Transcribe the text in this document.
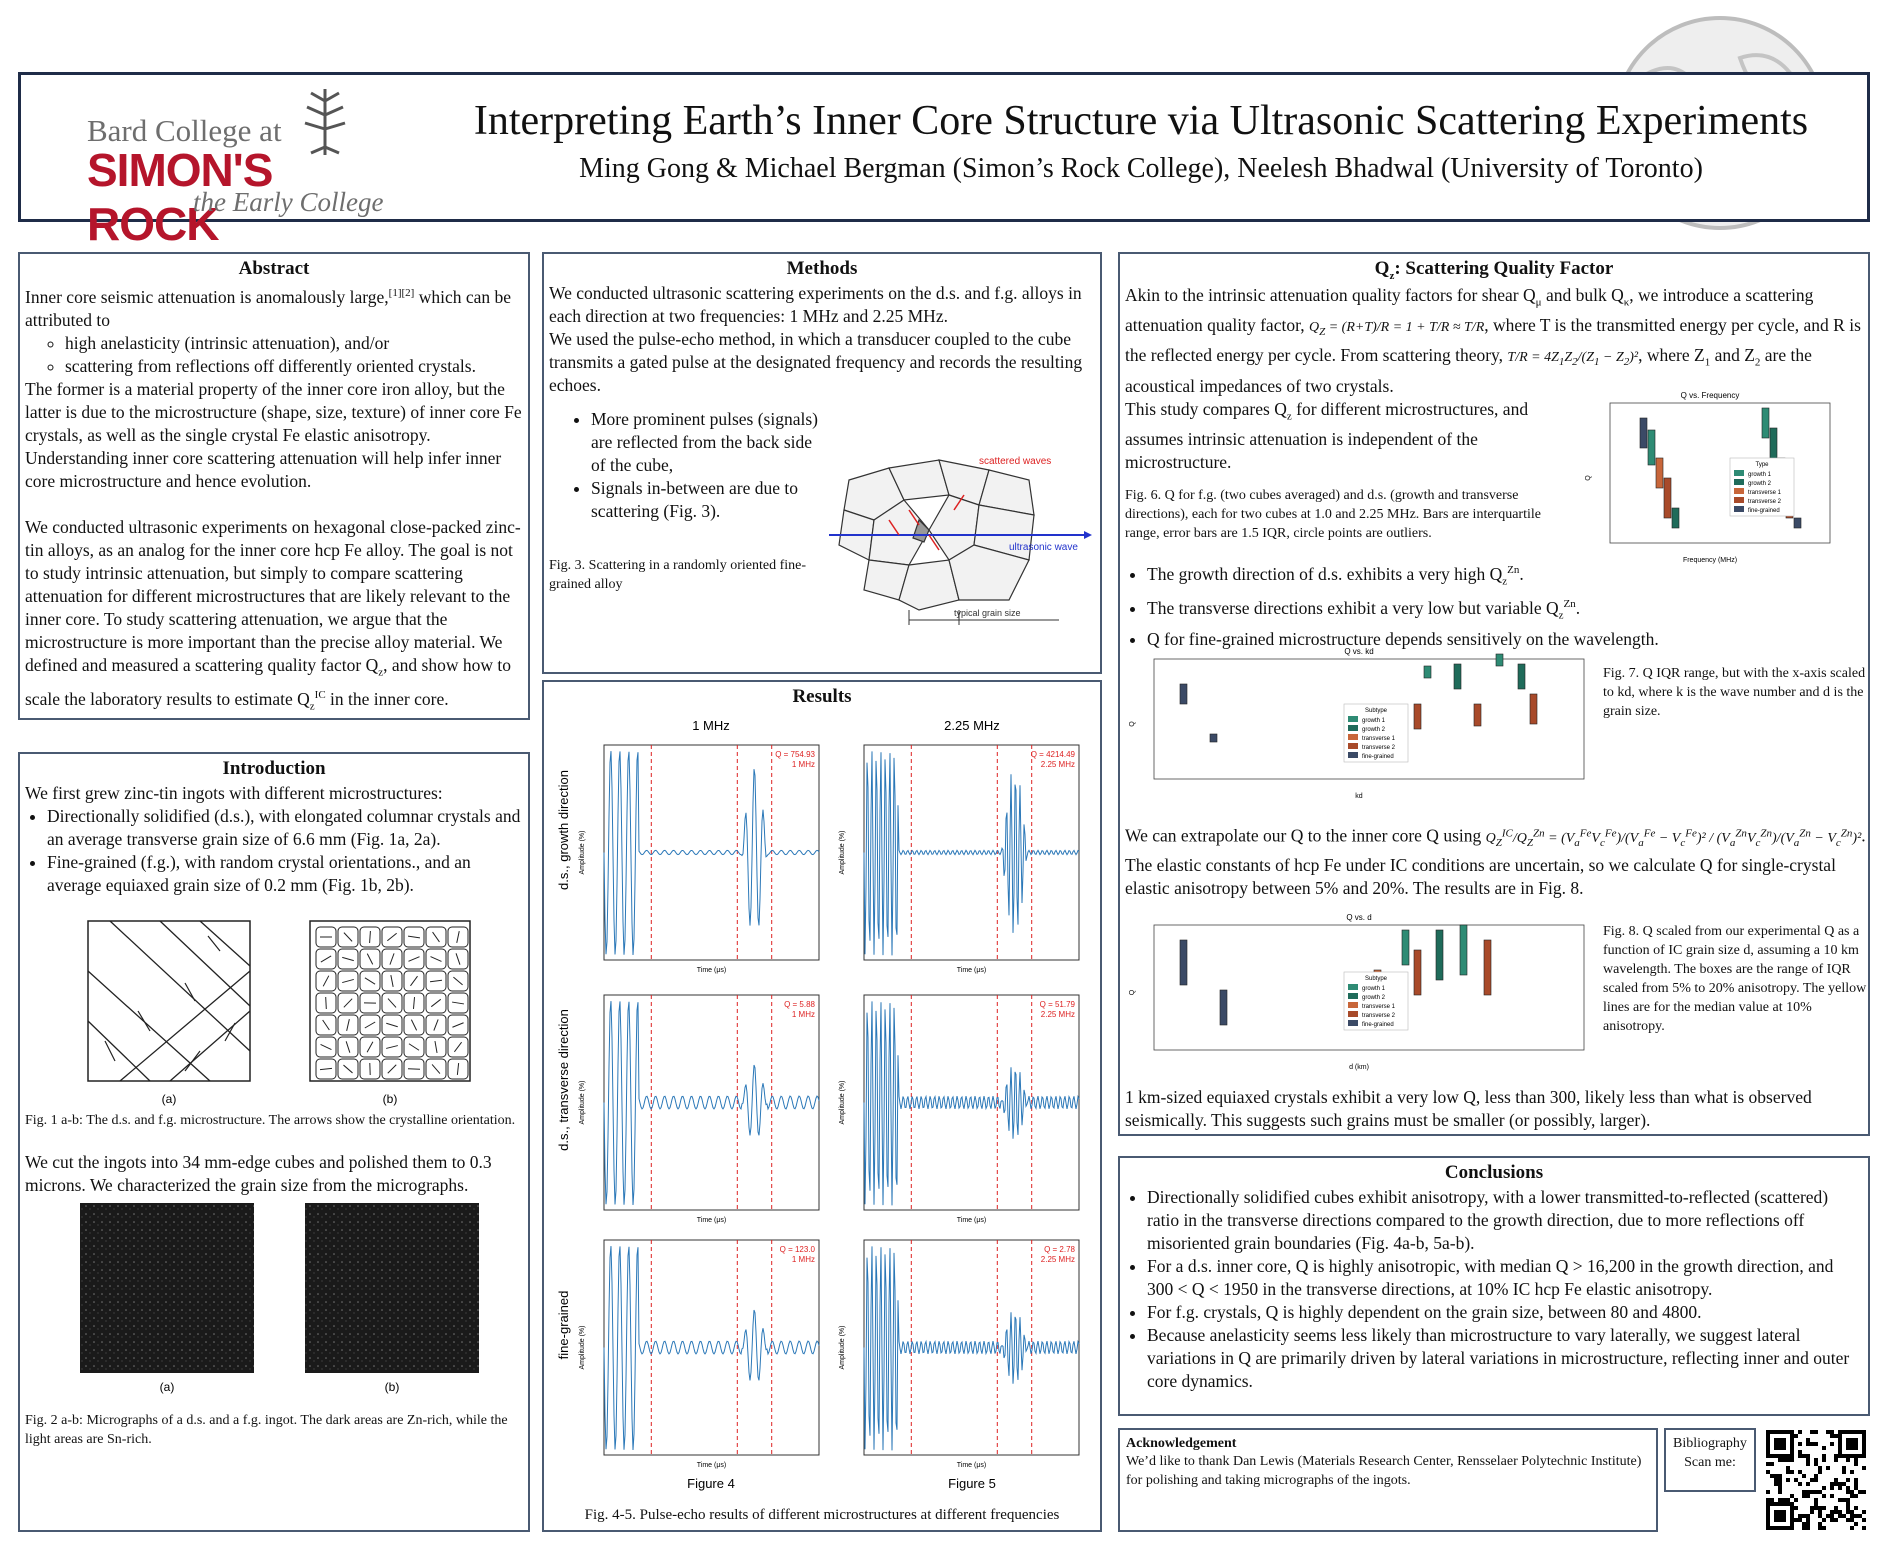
Bard College at
SIMON'S ROCK
the Early College
Interpreting Earth’s Inner Core Structure via Ultrasonic Scattering Experiments
Ming Gong & Michael Bergman (Simon’s Rock College), Neelesh Bhadwal (University of Toronto)
Abstract

Inner core seismic attenuation is anomalously large,[1][2] which can be attributed to

◦ high anelasticity (intrinsic attenuation), and/or
◦ scattering from reflections off differently oriented crystals.

The former is a material property of the inner core iron alloy, but the latter is due to the microstructure (shape, size, texture) of inner core Fe crystals, as well as the single crystal Fe elastic anisotropy. Understanding inner core scattering attenuation will help infer inner core microstructure and hence evolution.

We conducted ultrasonic experiments on hexagonal close-packed zinc-tin alloys, as an analog for the inner core hcp Fe alloy. The goal is not to study intrinsic attenuation, but simply to compare scattering attenuation for different microstructures that are likely relevant to the inner core. To study scattering attenuation, we argue that the microstructure is more important than the precise alloy material. We defined and measured a scattering quality factor $Q_z$, and show how to scale the laboratory results to estimate $Q_z^{IC}$ in the inner core.

Introduction

We first grew zinc-tin ingots with different microstructures:

• Directionally solidified (d.s.), with elongated columnar crystals and an average transverse grain size of 6.6 mm (Fig. 1a, 2a).
• Fine-grained (f.g.), with random crystal orientations., and an average equiaxed grain size of 0.2 mm (Fig. 1b, 2b).
(a)	(b)
Fig. 1 a-b: The d.s. and f.g. microstructure. The arrows show the crystalline orientation.
We cut the ingots into 34 mm-edge cubes and polished them to 0.3 microns. We characterized the grain size from the micrographs.
(a)	(b)
Fig. 2 a-b: Micrographs of a d.s. and a f.g. ingot. The dark areas are Zn-rich, while the light areas are Sn-rich.
Methods

We conducted ultrasonic scattering experiments on the d.s. and f.g. alloys in each direction at two frequencies: 1 MHz and 2.25 MHz.

We used the pulse-echo method, in which a transducer coupled to the cube transmits a gated pulse at the designated frequency and records the resulting echoes.

• More prominent pulses (signals) are reflected from the back side of the cube,
• Signals in-between are due to scattering (Fig. 3).
Fig. 3. Scattering in a randomly oriented fine-grained alloy
scattered waves
ultrasonic wave
typical grain size
Results
1 MHz	2.25 MHz
d.s., growth direction
d.s., transverse direction
fine-grained
Q = 754.93
1 MHz
Time (μs)
Amplitude (%)
Q = 4214.49
2.25 MHz
Time (μs)
Amplitude (%)
Q = 5.88
1 MHz
Time (μs)
Amplitude (%)
Q = 51.79
2.25 MHz
Time (μs)
Amplitude (%)
Q = 123.0
1 MHz
Time (μs)
Amplitude (%)
Q = 2.78
2.25 MHz
Time (μs)
Amplitude (%)
Figure 4	Figure 5
Fig. 4-5. Pulse-echo results of different microstructures at different frequencies
$Q_z$: Scattering Quality Factor

Akin to the intrinsic attenuation quality factors for shear $Q_\mu$ and bulk $Q_\kappa$, we introduce a scattering attenuation quality factor, $Q_Z = (R+T)/R = 1 + T/R \approx T/R$, where T is the transmitted energy per cycle, and R is the reflected energy per cycle. From scattering theory, $T/R = 4Z_1Z_2/(Z_1 - Z_2)^2$, where $Z_1$ and $Z_2$ are the acoustical impedances of two crystals.

This study compares $Q_z$ for different microstructures, and assumes intrinsic attenuation is independent of the microstructure.

Fig. 6. Q for f.g. (two cubes averaged) and d.s. (growth and transverse directions), each for two cubes at 1.0 and 2.25 MHz. Bars are interquartile range, error bars are 1.5 IQR, circle points are outliers.

Q vs. Frequency
Frequency (MHz)
Q
Type
growth 1
growth 2
transverse 1
transverse 2
fine-grained
• The growth direction of d.s. exhibits a very high $Q_z^{Zn}$.
• The transverse directions exhibit a very low but variable $Q_z^{Zn}$.
• Q for fine-grained microstructure depends sensitively on the wavelength.
Q vs. kd
kd
Q
Subtype
growth 1
growth 2
transverse 1
transverse 2
fine-grained
Fig. 7. Q IQR range, but with the x-axis scaled to kd, where k is the wave number and d is the grain size.

We can extrapolate our Q to the inner core Q using $Q_Z^{IC}/Q_Z^{Zn} = (V_a^{Fe}V_c^{Fe})/(V_a^{Fe} - V_c^{Fe})^2 / (V_a^{Zn}V_c^{Zn})/(V_a^{Zn} - V_c^{Zn})^2$.

The elastic constants of hcp Fe under IC conditions are uncertain, so we calculate Q for single-crystal elastic anisotropy between 5% and 20%. The results are in Fig. 8.

Q vs. d
d (km)
Q
Subtype
growth 1
growth 2
transverse 1
transverse 2
fine-grained
Fig. 8. Q scaled from our experimental Q as a function of IC grain size d, assuming a 10 km wavelength. The boxes are the range of IQR scaled from 5% to 20% anisotropy. The yellow lines are for the median value at 10% anisotropy.
1 km-sized equiaxed crystals exhibit a very low Q, less than 300, likely less than what is observed seismically. This suggests such grains must be smaller (or possibly, larger).
Conclusions
• Directionally solidified cubes exhibit anisotropy, with a lower transmitted-to-reflected (scattered) ratio in the transverse directions compared to the growth direction, due to more reflections off misoriented grain boundaries (Fig. 4a-b, 5a-b).
• For a d.s. inner core, Q is highly anisotropic, with median Q > 16,200 in the growth direction, and 300 < Q < 1950 in the transverse directions, at 10% IC hcp Fe elastic anisotropy.
• For f.g. crystals, Q is highly dependent on the grain size, between 80 and 4800.
• Because anelasticity seems less likely than microstructure to vary laterally, we suggest lateral variations in Q are primarily driven by lateral variations in microstructure, reflecting inner and outer core dynamics.
Acknowledgement
We’d like to thank Dan Lewis (Materials Research Center, Rensselaer Polytechnic Institute) for polishing and taking micrographs of the ingots.
Bibliography
Scan me:
